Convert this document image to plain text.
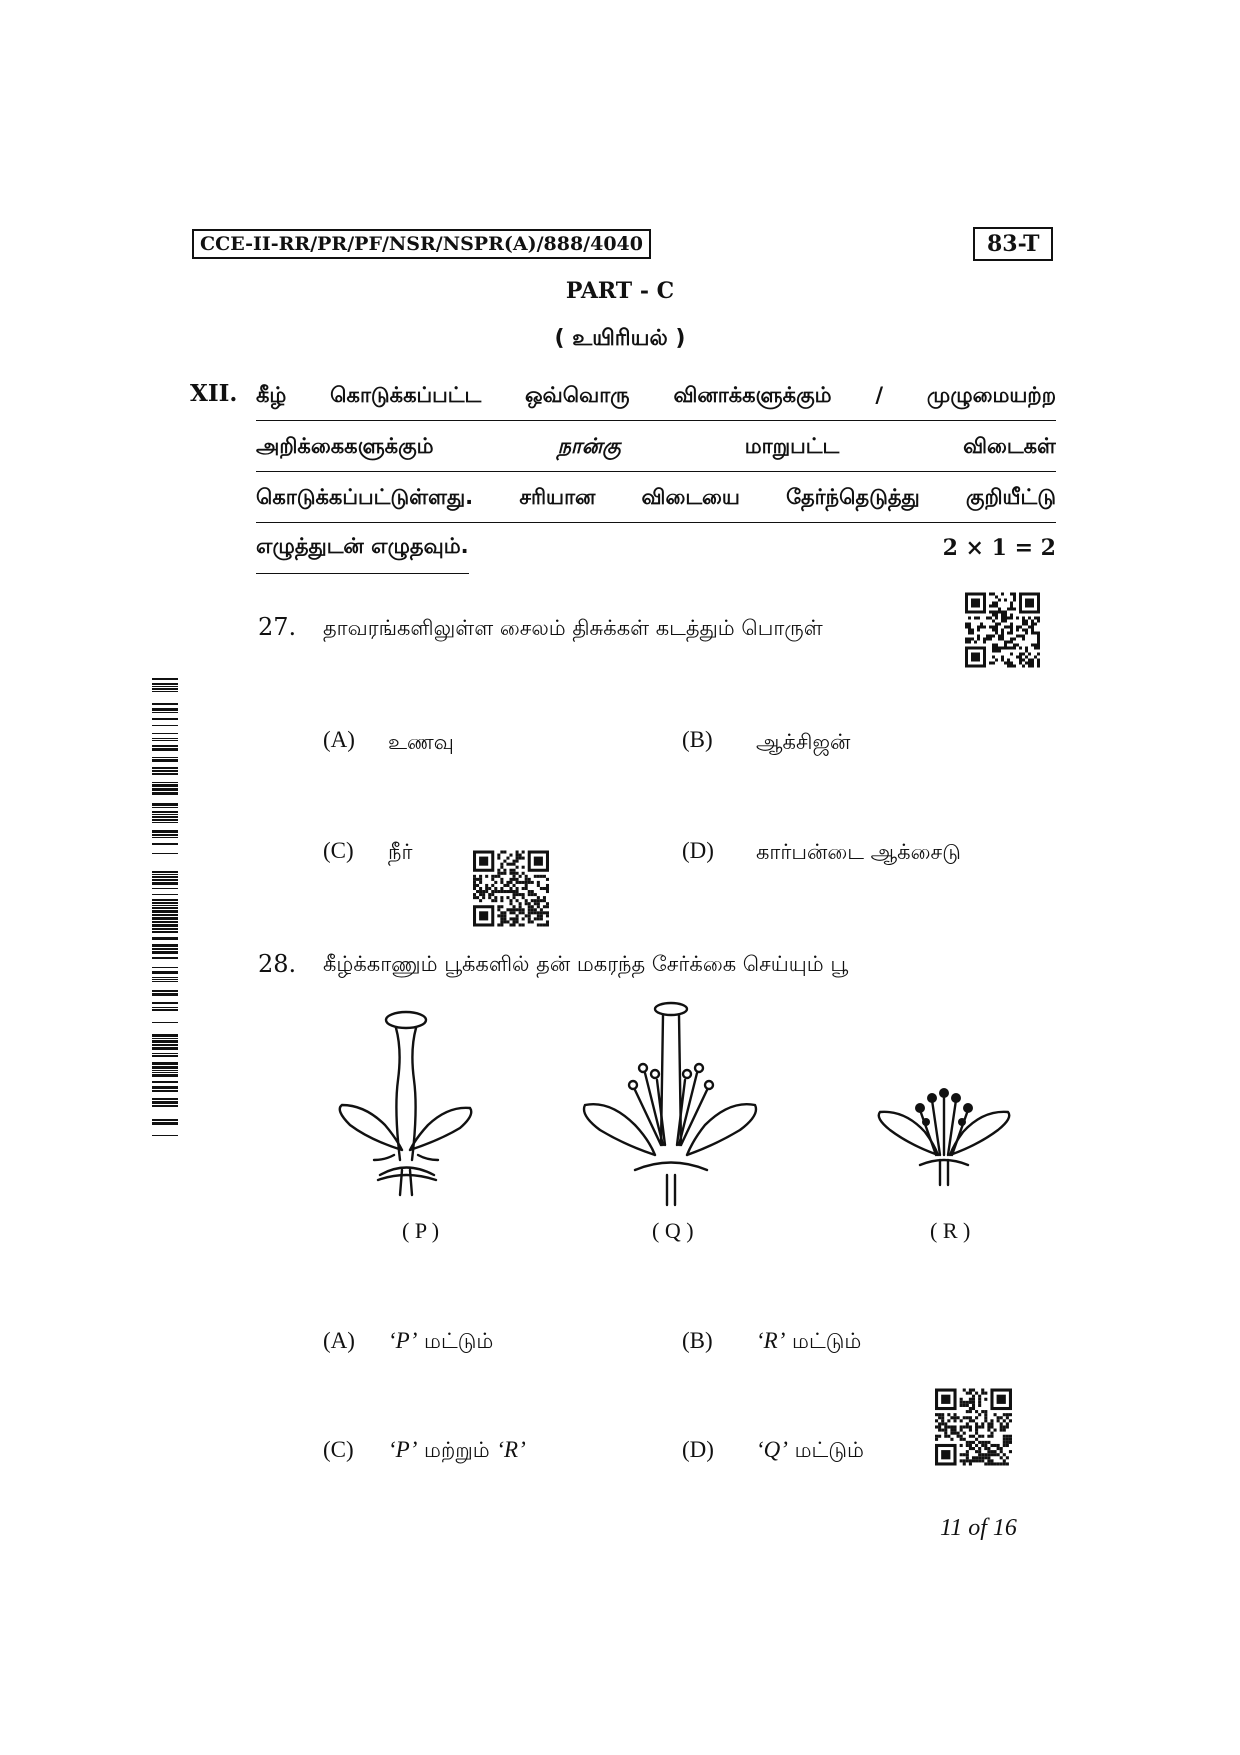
CCE-II-RR/PR/PF/NSR/NSPR(A)/888/4040	83-T
PART - C
( உயிரியல் )
XII. கீழ் கொடுக்கப்பட்ட ஒவ்வொரு வினாக்களுக்கும் / முழுமையற்ற
அறிக்கைகளுக்கும்	நான்கு	மாறுபட்ட	விடைகள்
கொடுக்கப்பட்டுள்ளது. சரியான விடையை தேர்ந்தெடுத்து குறியீட்டு
எழுத்துடன் எழுதவும்.	2 × 1 = 2
27. தாவரங்களிலுள்ள சைலம் திசுக்கள் கடத்தும் பொருள்
(A) உணவு	(B) ஆக்சிஜன்
(C) நீர்	(D) கார்பன்டை ஆக்சைடு
28. கீழ்க்காணும் பூக்களில் தன் மகரந்த சேர்க்கை செய்யும் பூ
( P )	( Q )	( R )
(A) ‘P’ மட்டும்	(B) ‘R’ மட்டும்
(C) ‘P’ மற்றும் ‘R’	(D) ‘Q’ மட்டும்
11 of 16
